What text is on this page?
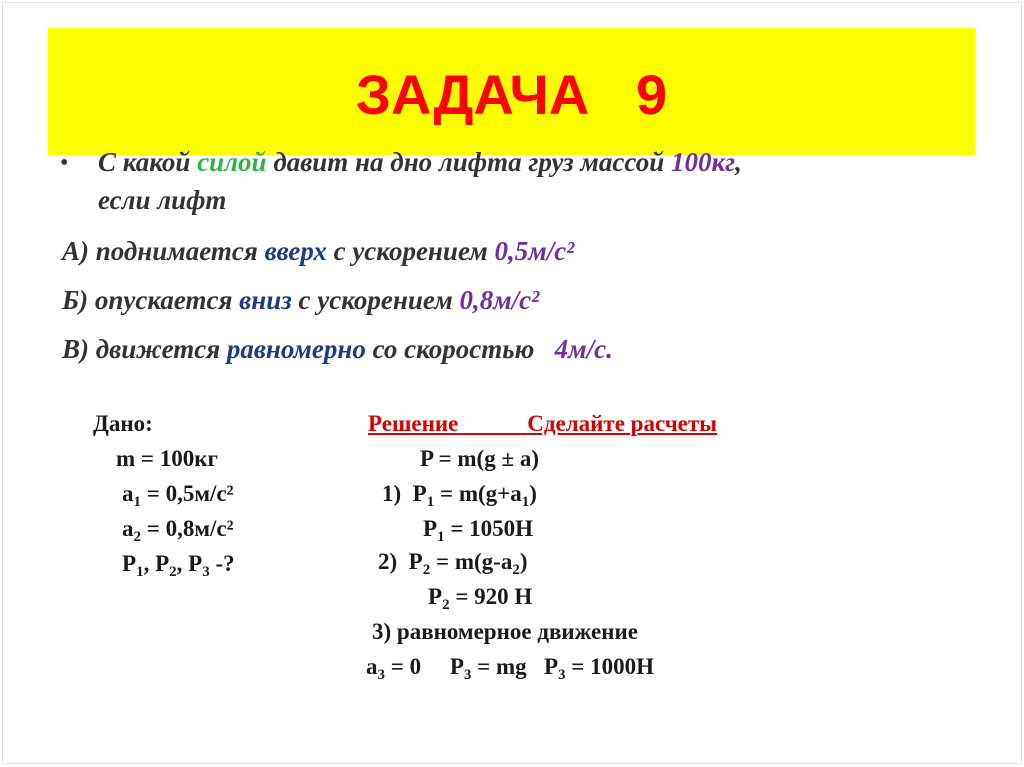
ЗАДАЧА   9
• С какой силой давит на дно лифта груз массой 100кг,
если лифт
А) поднимается вверх с ускорением 0,5м/с²
Б) опускается вниз с ускорением 0,8м/с²
В) движется равномерно со скоростью   4м/с.
Дано:
m = 100кг
$a_1 = 0,5м/с^2$
$a_2 = 0,8м/с^2$
$P_1$, $P_2$, $P_3$ -?
Решение	Сделайте расчеты
P = m(g ± a)
1)  $P_1 = m(g+a_1)$
$P_1 = 1050Н$
2)  $P_2 = m(g-a_2)$
$P_2 = 920$ Н
3) равномерное движение
$a_3 = 0$     $P_3$ = mg   $P_3 = 1000Н$
